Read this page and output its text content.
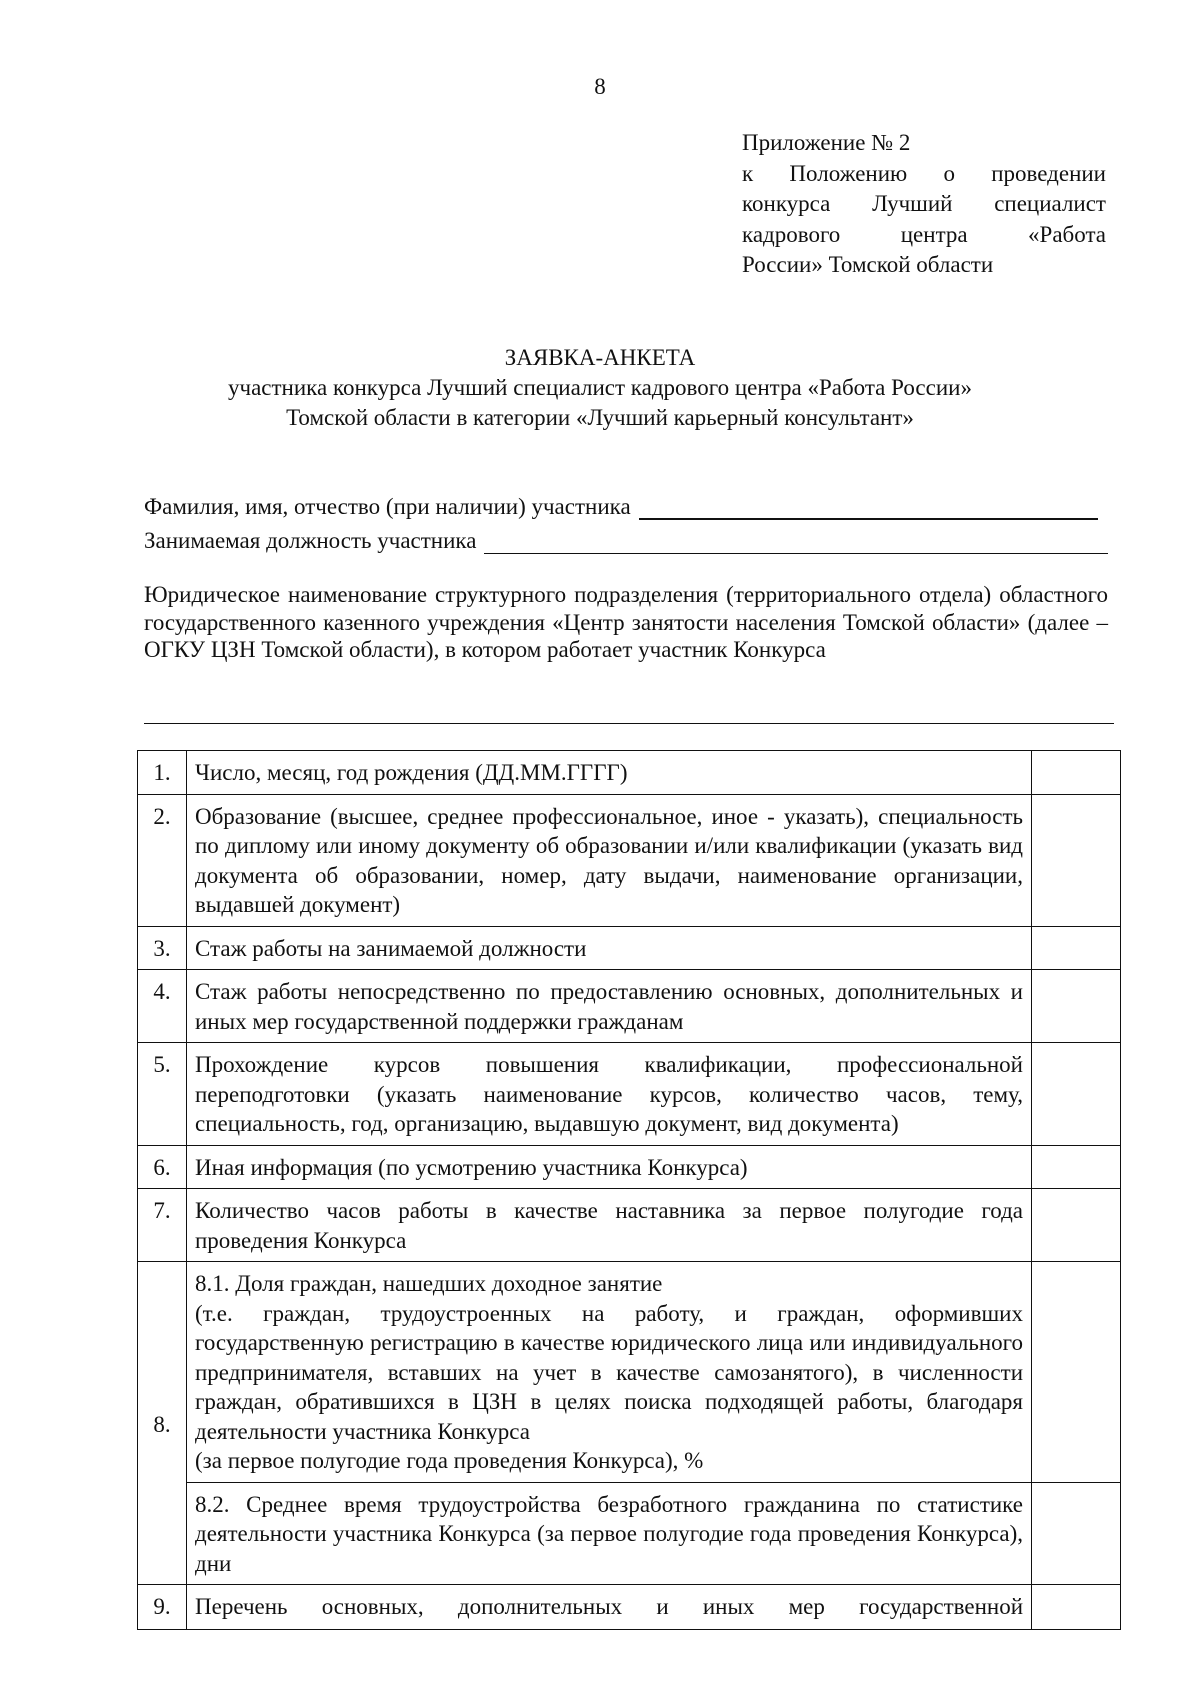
8
Приложение № 2
к Положению о проведении
конкурса Лучший специалист
кадрового центра «Работа
России» Томской области
ЗАЯВКА-АНКЕТА
участника конкурса Лучший специалист кадрового центра «Работа России»
Томской области в категории «Лучший карьерный консультант»
Фамилия, имя, отчество (при наличии) участника
Занимаемая должность участника
Юридическое наименование структурного подразделения (территориального отдела) областного государственного казенного учреждения «Центр занятости населения Томской области» (далее – ОГКУ ЦЗН Томской области), в котором работает участник Конкурса
1.	Число, месяц, год рождения (ДД.ММ.ГГГГ)	
2.	Образование (высшее, среднее профессиональное, иное - указать), специальность по диплому или иному документу об образовании и/или квалификации (указать вид документа об образовании, номер, дату выдачи, наименование организации, выдавшей документ)	
3.	Стаж работы на занимаемой должности	
4.	Стаж работы непосредственно по предоставлению основных, дополнительных и иных мер государственной поддержки гражданам	
5.	Прохождение курсов повышения квалификации, профессиональной переподготовки (указать наименование курсов, количество часов, тему, специальность, год, организацию, выдавшую документ, вид документа)	
6.	Иная информация (по усмотрению участника Конкурса)	
7.	Количество часов работы в качестве наставника за первое полугодие года проведения Конкурса	
8.	8.1. Доля граждан, нашедших доходное занятие
(т.е. граждан, трудоустроенных на работу, и граждан, оформивших государственную регистрацию в качестве юридического лица или индивидуального предпринимателя, вставших на учет в качестве самозанятого), в численности граждан, обратившихся в ЦЗН в целях поиска подходящей работы, благодаря деятельности участника Конкурса
(за первое полугодие года проведения Конкурса), %	

	8.2. Среднее время трудоустройства безработного гражданина по статистике деятельности участника Конкурса (за первое полугодие года проведения Конкурса), дни	
9.	Перечень основных, дополнительных и иных мер государственной	
